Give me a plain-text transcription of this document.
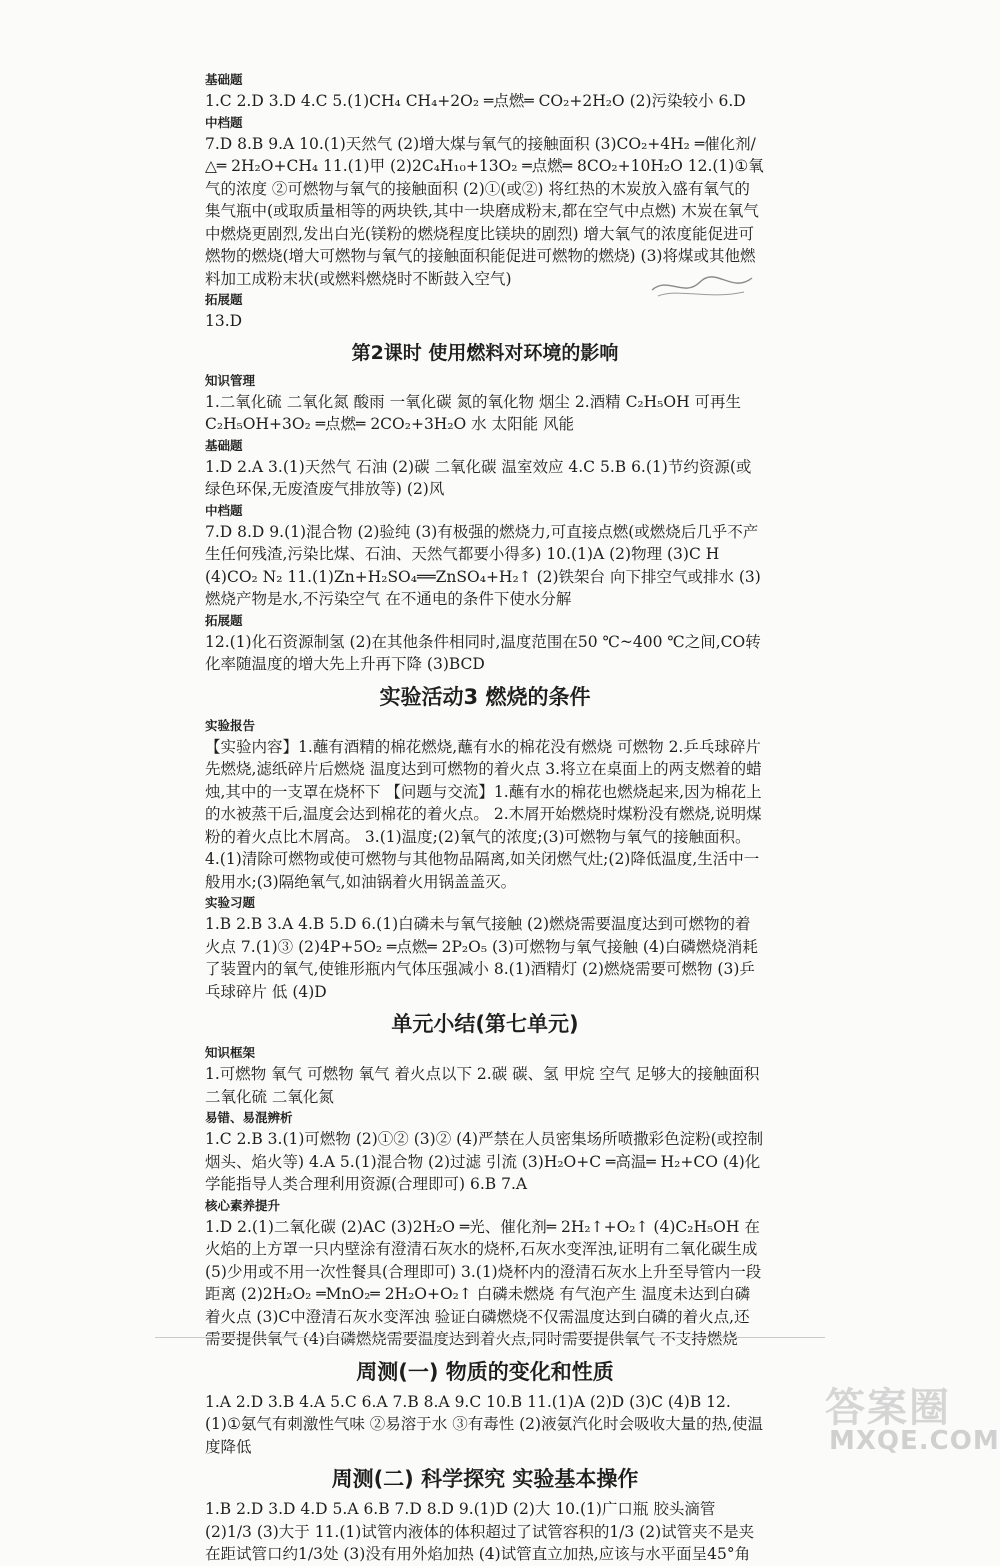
基础题
1.C 2.D 3.D 4.C 5.(1)CH₄ CH₄+2O₂ ═点燃═ CO₂+2H₂O (2)污染较小 6.D
中档题
7.D 8.B 9.A 10.(1)天然气 (2)增大煤与氧气的接触面积 (3)CO₂+4H₂ ═催化剂/△═ 2H₂O+CH₄ 11.(1)甲 (2)2C₄H₁₀+13O₂ ═点燃═ 8CO₂+10H₂O 12.(1)①氧气的浓度 ②可燃物与氧气的接触面积 (2)①(或②) 将红热的木炭放入盛有氧气的集气瓶中(或取质量相等的两块铁,其中一块磨成粉末,都在空气中点燃) 木炭在氧气中燃烧更剧烈,发出白光(镁粉的燃烧程度比镁块的剧烈) 增大氧气的浓度能促进可燃物的燃烧(增大可燃物与氧气的接触面积能促进可燃物的燃烧) (3)将煤或其他燃料加工成粉末状(或燃料燃烧时不断鼓入空气)
拓展题
13.D
第2课时 使用燃料对环境的影响
知识管理
1.二氧化硫 二氧化氮 酸雨 一氧化碳 氮的氧化物 烟尘 2.酒精 C₂H₅OH 可再生 C₂H₅OH+3O₂ ═点燃═ 2CO₂+3H₂O 水 太阳能 风能
基础题
1.D 2.A 3.(1)天然气 石油 (2)碳 二氧化碳 温室效应 4.C 5.B 6.(1)节约资源(或绿色环保,无废渣废气排放等) (2)风
中档题
7.D 8.D 9.(1)混合物 (2)验纯 (3)有极强的燃烧力,可直接点燃(或燃烧后几乎不产生任何残渣,污染比煤、石油、天然气都要小得多) 10.(1)A (2)物理 (3)C H (4)CO₂ N₂ 11.(1)Zn+H₂SO₄══ZnSO₄+H₂↑ (2)铁架台 向下排空气或排水 (3)燃烧产物是水,不污染空气 在不通电的条件下使水分解
拓展题
12.(1)化石资源制氢 (2)在其他条件相同时,温度范围在50 ℃~400 ℃之间,CO转化率随温度的增大先上升再下降 (3)BCD
实验活动3 燃烧的条件
实验报告
【实验内容】1.蘸有酒精的棉花燃烧,蘸有水的棉花没有燃烧 可燃物 2.乒乓球碎片先燃烧,滤纸碎片后燃烧 温度达到可燃物的着火点 3.将立在桌面上的两支燃着的蜡烛,其中的一支罩在烧杯下 【问题与交流】1.蘸有水的棉花也燃烧起来,因为棉花上的水被蒸干后,温度会达到棉花的着火点。 2.木屑开始燃烧时煤粉没有燃烧,说明煤粉的着火点比木屑高。 3.(1)温度;(2)氧气的浓度;(3)可燃物与氧气的接触面积。 4.(1)清除可燃物或使可燃物与其他物品隔离,如关闭燃气灶;(2)降低温度,生活中一般用水;(3)隔绝氧气,如油锅着火用锅盖盖灭。
实验习题
1.B 2.B 3.A 4.B 5.D 6.(1)白磷未与氧气接触 (2)燃烧需要温度达到可燃物的着火点 7.(1)③ (2)4P+5O₂ ═点燃═ 2P₂O₅ (3)可燃物与氧气接触 (4)白磷燃烧消耗了装置内的氧气,使锥形瓶内气体压强减小 8.(1)酒精灯 (2)燃烧需要可燃物 (3)乒乓球碎片 低 (4)D
单元小结(第七单元)
知识框架
1.可燃物 氧气 可燃物 氧气 着火点以下 2.碳 碳、氢 甲烷 空气 足够大的接触面积 二氧化硫 二氧化氮
易错、易混辨析
1.C 2.B 3.(1)可燃物 (2)①② (3)② (4)严禁在人员密集场所喷撒彩色淀粉(或控制烟头、焰火等) 4.A 5.(1)混合物 (2)过滤 引流 (3)H₂O+C ═高温═ H₂+CO (4)化学能指导人类合理利用资源(合理即可) 6.B 7.A
核心素养提升
1.D 2.(1)二氧化碳 (2)AC (3)2H₂O ═光、催化剂═ 2H₂↑+O₂↑ (4)C₂H₅OH 在火焰的上方罩一只内壁涂有澄清石灰水的烧杯,石灰水变浑浊,证明有二氧化碳生成 (5)少用或不用一次性餐具(合理即可) 3.(1)烧杯内的澄清石灰水上升至导管内一段距离 (2)2H₂O₂ ═MnO₂═ 2H₂O+O₂↑ 白磷未燃烧 有气泡产生 温度未达到白磷着火点 (3)C中澄清石灰水变浑浊 验证白磷燃烧不仅需温度达到白磷的着火点,还需要提供氧气 (4)白磷燃烧需要温度达到着火点,同时需要提供氧气 不支持燃烧
周测(一) 物质的变化和性质
1.A 2.D 3.B 4.A 5.C 6.A 7.B 8.A 9.C 10.B 11.(1)A (2)D (3)C (4)B 12.(1)①氨气有刺激性气味 ②易溶于水 ③有毒性 (2)液氨汽化时会吸收大量的热,使温度降低
周测(二) 科学探究 实验基本操作
1.B 2.D 3.D 4.D 5.A 6.B 7.D 8.D 9.(1)D (2)大 10.(1)广口瓶 胶头滴管 (2)1/3 (3)大于 11.(1)试管内液体的体积超过了试管容积的1/3 (2)试管夹不是夹在距试管口约1/3处 (3)没有用外焰加热 (4)试管直立加热,应该与水平面呈45°角
答案圈
MXQE.COM
